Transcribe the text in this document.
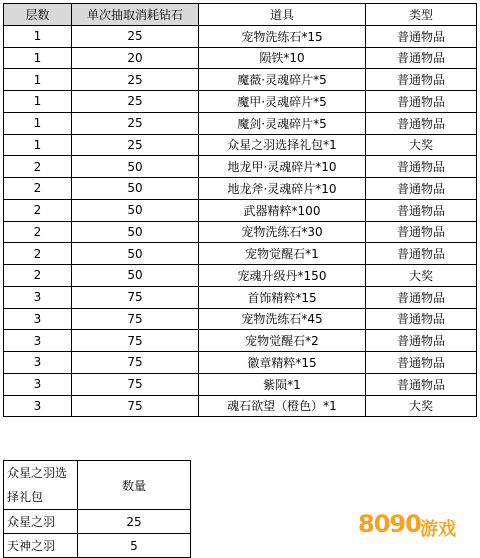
层数	单次抽取消耗钻石	道具	类型
1	25	宠物洗练石*15	普通物品
1	20	陨铁*10	普通物品
1	25	魔薇·灵魂碎片*5	普通物品
1	25	魔甲·灵魂碎片*5	普通物品
1	25	魔剑·灵魂碎片*5	普通物品
1	25	众星之羽选择礼包*1	大奖
2	50	地龙甲·灵魂碎片*10	普通物品
2	50	地龙斧·灵魂碎片*10	普通物品
2	50	武器精粹*100	普通物品
2	50	宠物洗练石*30	普通物品
2	50	宠物觉醒石*1	普通物品
2	50	宠魂升级丹*150	大奖
3	75	首饰精粹*15	普通物品
3	75	宠物洗练石*45	普通物品
3	75	宠物觉醒石*2	普通物品
3	75	徽章精粹*15	普通物品
3	75	紫陨*1	普通物品
3	75	魂石欲望（橙色）*1	大奖
众星之羽选择礼包	数量
众星之羽	25
天神之羽	5
8090 游戏
